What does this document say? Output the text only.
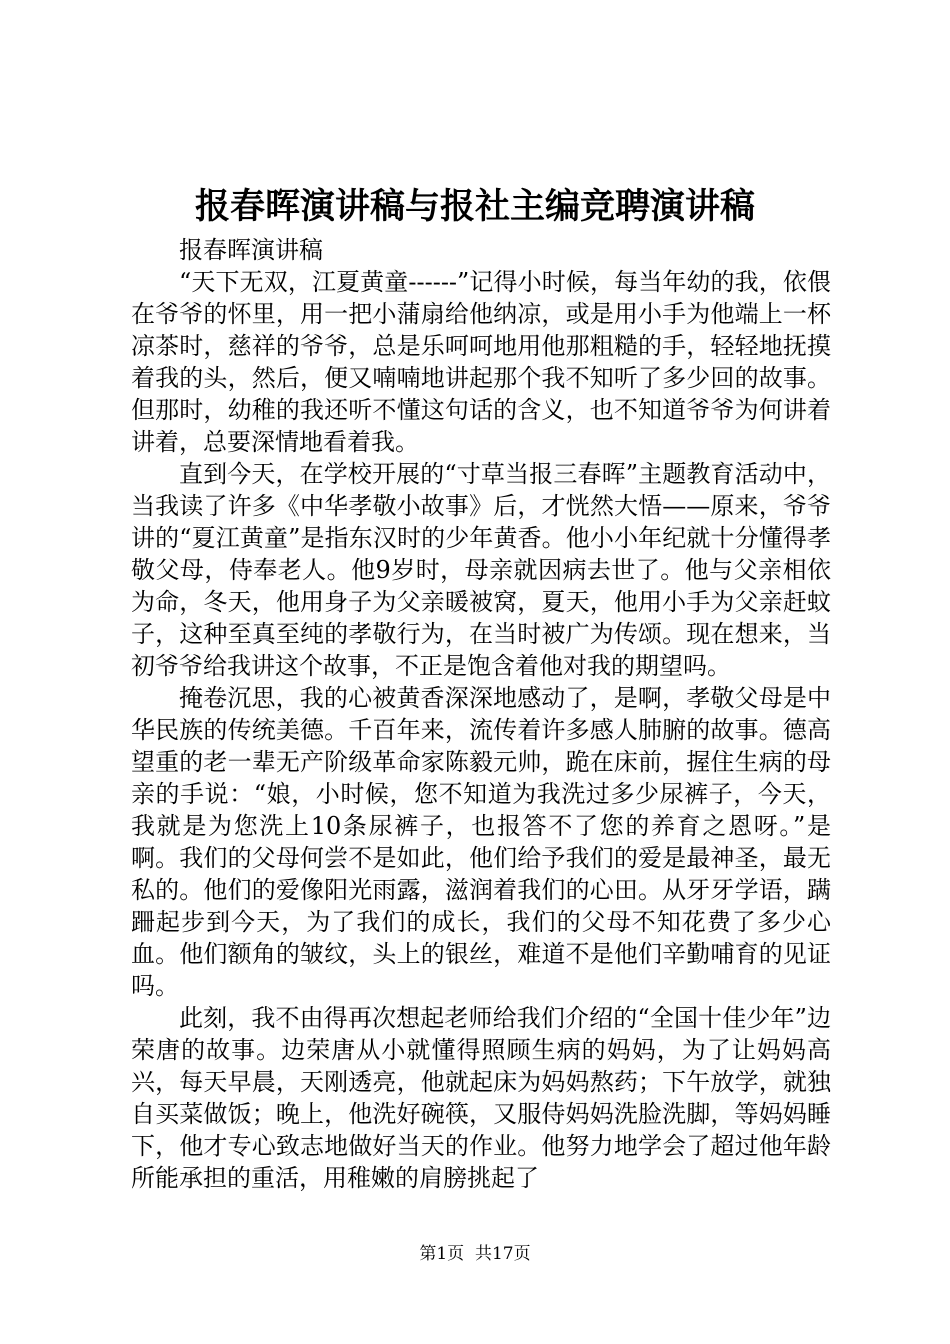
报春晖演讲稿与报社主编竞聘演讲稿

报春晖演讲稿

“天下无双，江夏黄童------”记得小时候，每当年幼的我，依偎在爷爷的怀里，用一把小蒲扇给他纳凉，或是用小手为他端上一杯凉茶时，慈祥的爷爷，总是乐呵呵地用他那粗糙的手，轻轻地抚摸着我的头，然后，便又喃喃地讲起那个我不知听了多少回的故事。但那时，幼稚的我还听不懂这句话的含义，也不知道爷爷为何讲着讲着，总要深情地看着我。

直到今天，在学校开展的“寸草当报三春晖”主题教育活动中，当我读了许多《中华孝敬小故事》后，才恍然大悟——原来，爷爷讲的“夏江黄童”是指东汉时的少年黄香。他小小年纪就十分懂得孝敬父母，侍奉老人。他9岁时，母亲就因病去世了。他与父亲相依为命，冬天，他用身子为父亲暖被窝，夏天，他用小手为父亲赶蚊子，这种至真至纯的孝敬行为，在当时被广为传颂。现在想来，当初爷爷给我讲这个故事，不正是饱含着他对我的期望吗。

掩卷沉思，我的心被黄香深深地感动了，是啊，孝敬父母是中华民族的传统美德。千百年来，流传着许多感人肺腑的故事。德高望重的老一辈无产阶级革命家陈毅元帅，跪在床前，握住生病的母亲的手说：“娘，小时候，您不知道为我洗过多少尿裤子，今天，我就是为您洗上10条尿裤子，也报答不了您的养育之恩呀。”是啊。我们的父母何尝不是如此，他们给予我们的爱是最神圣，最无私的。他们的爱像阳光雨露，滋润着我们的心田。从牙牙学语，蹒跚起步到今天，为了我们的成长，我们的父母不知花费了多少心血。他们额角的皱纹，头上的银丝，难道不是他们辛勤哺育的见证吗。

此刻，我不由得再次想起老师给我们介绍的“全国十佳少年”边荣唐的故事。边荣唐从小就懂得照顾生病的妈妈，为了让妈妈高兴，每天早晨，天刚透亮，他就起床为妈妈熬药；下午放学，就独自买菜做饭；晚上，他洗好碗筷，又服侍妈妈洗脸洗脚，等妈妈睡下，他才专心致志地做好当天的作业。他努力地学会了超过他年龄所能承担的重活，用稚嫩的肩膀挑起了

第1页  共17页
